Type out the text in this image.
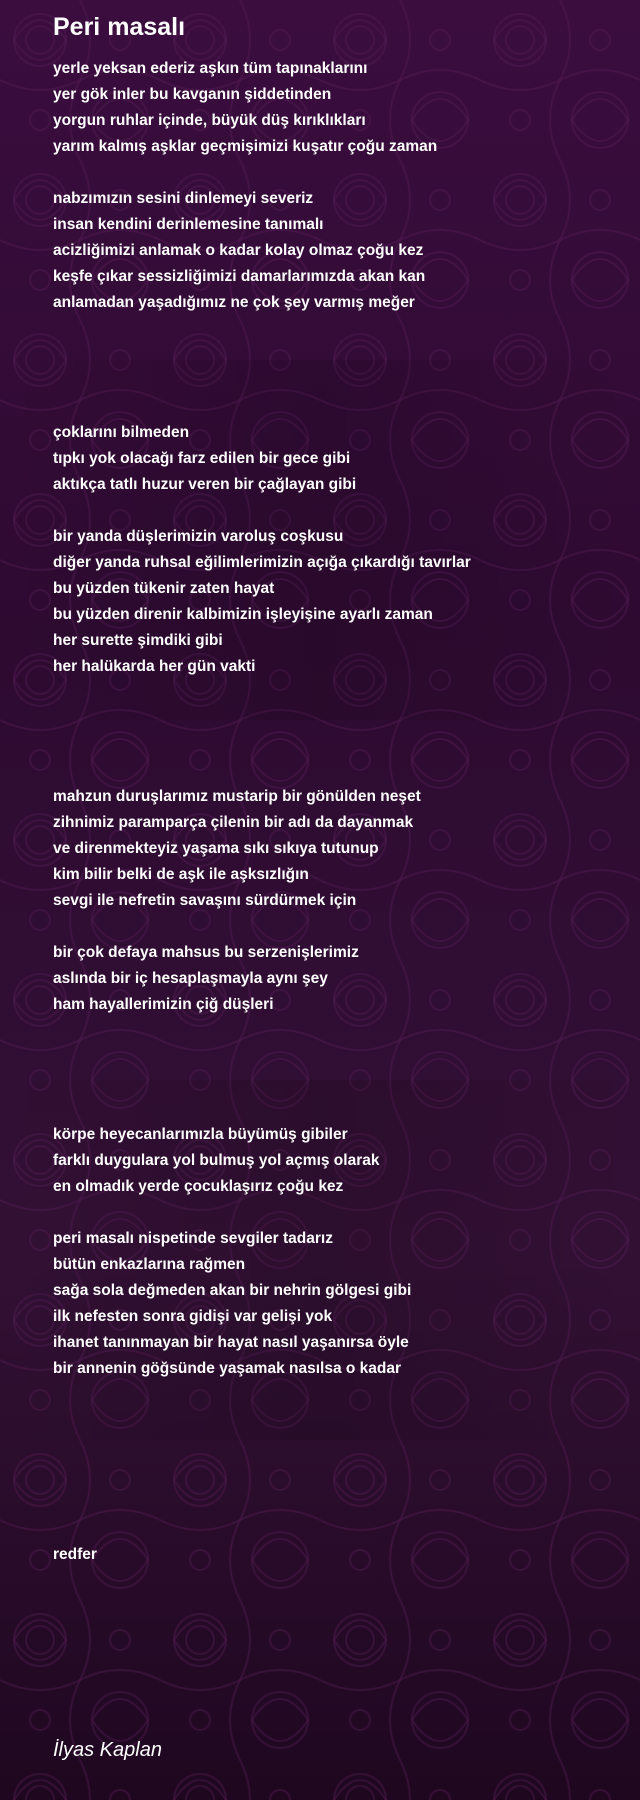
Peri masalı
yerle yeksan ederiz aşkın tüm tapınaklarını
yer gök inler bu kavganın şiddetinden
yorgun ruhlar içinde, büyük düş kırıklıkları
yarım kalmış aşklar geçmişimizi kuşatır çoğu zaman
nabzımızın sesini dinlemeyi severiz
insan kendini derinlemesine tanımalı
acizliğimizi anlamak o kadar kolay olmaz çoğu kez
keşfe çıkar sessizliğimizi damarlarımızda akan kan
anlamadan yaşadığımız ne çok şey varmış meğer
çoklarını bilmeden
tıpkı yok olacağı farz edilen bir gece gibi
aktıkça tatlı huzur veren bir çağlayan gibi
bir yanda düşlerimizin varoluş coşkusu
diğer yanda ruhsal eğilimlerimizin açığa çıkardığı tavırlar
bu yüzden tükenir zaten hayat
bu yüzden direnir kalbimizin işleyişine ayarlı zaman
her surette şimdiki gibi
her halükarda her gün vakti
mahzun duruşlarımız mustarip bir gönülden neşet
zihnimiz paramparça çilenin bir adı da dayanmak
ve direnmekteyiz yaşama sıkı sıkıya tutunup
kim bilir belki de aşk ile aşksızlığın
sevgi ile nefretin savaşını sürdürmek için
bir çok defaya mahsus bu serzenişlerimiz
aslında bir iç hesaplaşmayla aynı şey
ham hayallerimizin çiğ düşleri
körpe heyecanlarımızla büyümüş gibiler
farklı duygulara yol bulmuş yol açmış olarak
en olmadık yerde çocuklaşırız çoğu kez
peri masalı nispetinde sevgiler tadarız
bütün enkazlarına rağmen
sağa sola değmeden akan bir nehrin gölgesi gibi
ilk nefesten sonra gidişi var gelişi yok
ihanet tanınmayan bir hayat nasıl yaşanırsa öyle
bir annenin göğsünde yaşamak nasılsa o kadar
redfer
İlyas Kaplan
